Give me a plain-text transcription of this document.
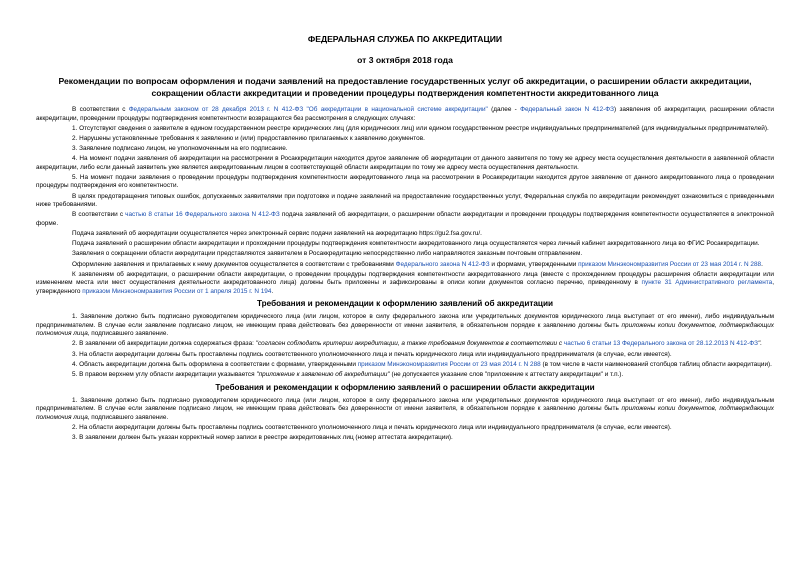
ФЕДЕРАЛЬНАЯ СЛУЖБА ПО АККРЕДИТАЦИИ
от 3 октября 2018 года
Рекомендации по вопросам оформления и подачи заявлений на предоставление государственных услуг об аккредитации, о расширении области аккредитации, сокращении области аккредитации и проведении процедуры подтверждения компетентности аккредитованного лица
В соответствии с Федеральным законом от 28 декабря 2013 г. N 412-ФЗ "Об аккредитации в национальной системе аккредитации" (далее - Федеральный закон N 412-ФЗ) заявления об аккредитации, расширении области аккредитации, проведении процедуры подтверждения компетентности возвращаются без рассмотрения в следующих случаях:
1. Отсутствуют сведения о заявителе в едином государственном реестре юридических лиц (для юридических лиц) или едином государственном реестре индивидуальных предпринимателей (для индивидуальных предпринимателей).
2. Нарушены установленные требования к заявлению и (или) предоставлению прилагаемых к заявлению документов.
3. Заявление подписано лицом, не уполномоченным на его подписание.
4. На момент подачи заявления об аккредитации на рассмотрении в Росаккредитации находится другое заявление об аккредитации от данного заявителя по тому же адресу места осуществления деятельности в заявленной области аккредитации, либо если данный заявитель уже является аккредитованным лицом в соответствующей области аккредитации по тому же адресу места осуществления деятельности.
5. На момент подачи заявления о проведении процедуры подтверждения компетентности аккредитованного лица на рассмотрении в Росаккредитации находится другое заявление от данного аккредитованного лица о проведении процедуры подтверждения его компетентности.
В целях предотвращения типовых ошибок, допускаемых заявителями при подготовке и подаче заявлений на предоставление государственных услуг, Федеральная служба по аккредитации рекомендует ознакомиться с приведенными ниже требованиями.
В соответствии с частью 8 статьи 16 Федерального закона N 412-ФЗ подача заявлений об аккредитации, о расширении области аккредитации и проведении процедуры подтверждения компетентности осуществляется в электронной форме.
Подача заявлений об аккредитации осуществляется через электронный сервис подачи заявлений на аккредитацию https://gu2.fsa.gov.ru/.
Подача заявлений о расширении области аккредитации и прохождении процедуры подтверждения компетентности аккредитованного лица осуществляется через личный кабинет аккредитованного лица во ФГИС Росаккредитации.
Заявления о сокращении области аккредитации представляются заявителем в Росаккредитацию непосредственно либо направляются заказным почтовым отправлением.
Оформление заявления и прилагаемых к нему документов осуществляется в соответствии с требованиями Федерального закона N 412-ФЗ и формами, утвержденными приказом Минэкономразвития России от 23 мая 2014 г. N 288.
К заявлениям об аккредитации, о расширении области аккредитации, о проведении процедуры подтверждения компетентности аккредитованного лица (вместе с прохождением процедуры расширения области аккредитации или изменением места или мест осуществления деятельности аккредитованного лица) должны быть приложены и зафиксированы в описи копии документов согласно перечню, приведенному в пункте 31 Административного регламента, утвержденного приказом Минэкономразвития России от 1 апреля 2015 г. N 194.
Требования и рекомендации к оформлению заявлений об аккредитации
1. Заявление должно быть подписано руководителем юридического лица (или лицом, которое в силу федерального закона или учредительных документов юридического лица выступает от его имени), либо индивидуальным предпринимателем. В случае если заявление подписано лицом, не имеющим права действовать без доверенности от имени заявителя, в обязательном порядке к заявлению должны быть приложены копии документов, подтверждающих полномочия лица, подписавшего заявление.
2. В заявлении об аккредитации должна содержаться фраза: "согласен соблюдать критерии аккредитации, а также требования документов в соответствии с частью 6 статьи 13 Федерального закона от 28.12.2013 N 412-ФЗ".
3. На области аккредитации должны быть проставлены подпись соответственного уполномоченного лица и печать юридического лица или индивидуального предпринимателя (в случае, если имеется).
4. Область аккредитации должна быть оформлена в соответствии с формами, утвержденными приказом Минэкономразвития России от 23 мая 2014 г. N 288 (в том числе в части наименований столбцов таблиц области аккредитации).
5. В правом верхнем углу области аккредитации указывается "приложение к заявлению об аккредитации" (не допускается указание слов "приложение к аттестату аккредитации" и т.п.).
Требования и рекомендации к оформлению заявлений о расширении области аккредитации
1. Заявление должно быть подписано руководителем юридического лица (или лицом, которое в силу федерального закона или учредительных документов юридического лица выступает от его имени), либо индивидуальным предпринимателем. В случае если заявление подписано лицом, не имеющим права действовать без доверенности от имени заявителя, в обязательном порядке к заявлению должны быть приложены копии документов, подтверждающих полномочия лица, подписавшего заявление.
2. На области аккредитации должны быть проставлены подпись соответственного уполномоченного лица и печать юридического лица или индивидуального предпринимателя (в случае, если имеется).
3. В заявлении должен быть указан корректный номер записи в реестре аккредитованных лиц (номер аттестата аккредитации).
